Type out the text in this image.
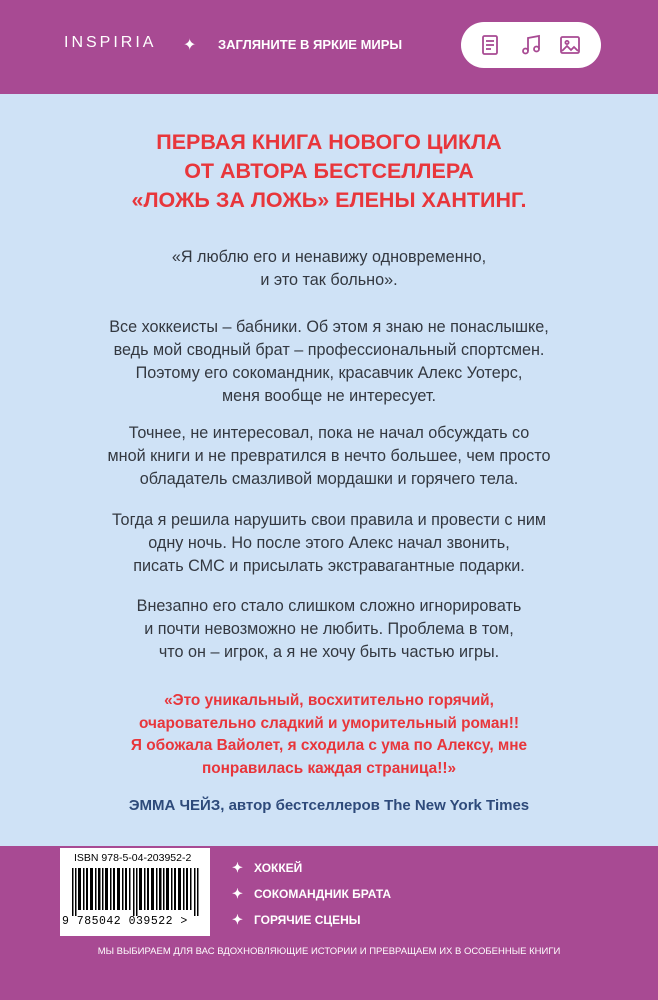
INSPIRIA ✦ ЗАГЛЯНИТЕ В ЯРКИЕ МИРЫ
ПЕРВАЯ КНИГА НОВОГО ЦИКЛА
ОТ АВТОРА БЕСТСЕЛЛЕРА
«ЛОЖЬ ЗА ЛОЖЬ» ЕЛЕНЫ ХАНТИНГ.
«Я люблю его и ненавижу одновременно,
и это так больно».
Все хоккеисты – бабники. Об этом я знаю не понаслышке,
ведь мой сводный брат – профессиональный спортсмен.
Поэтому его сокомандник, красавчик Алекс Уотерс,
меня вообще не интересует.
Точнее, не интересовал, пока не начал обсуждать со
мной книги и не превратился в нечто большее, чем просто
обладатель смазливой мордашки и горячего тела.
Тогда я решила нарушить свои правила и провести с ним
одну ночь. Но после этого Алекс начал звонить,
писать СМС и присылать экстравагантные подарки.
Внезапно его стало слишком сложно игнорировать
и почти невозможно не любить. Проблема в том,
что он – игрок, а я не хочу быть частью игры.
«Это уникальный, восхитительно горячий,
очаровательно сладкий и уморительный роман!!
Я обожала Вайолет, я сходила с ума по Алексу, мне
понравилась каждая страница!!»
ЭММА ЧЕЙЗ, автор бестселлеров The New York Times
ISBN 978-5-04-203952-2
9 785042 039522 >
✦ ХОККЕЙ
✦ СОКОМАНДНИК БРАТА
✦ ГОРЯЧИЕ СЦЕНЫ
МЫ ВЫБИРАЕМ ДЛЯ ВАС ВДОХНОВЛЯЮЩИЕ ИСТОРИИ И ПРЕВРАЩАЕМ ИХ В ОСОБЕННЫЕ КНИГИ
